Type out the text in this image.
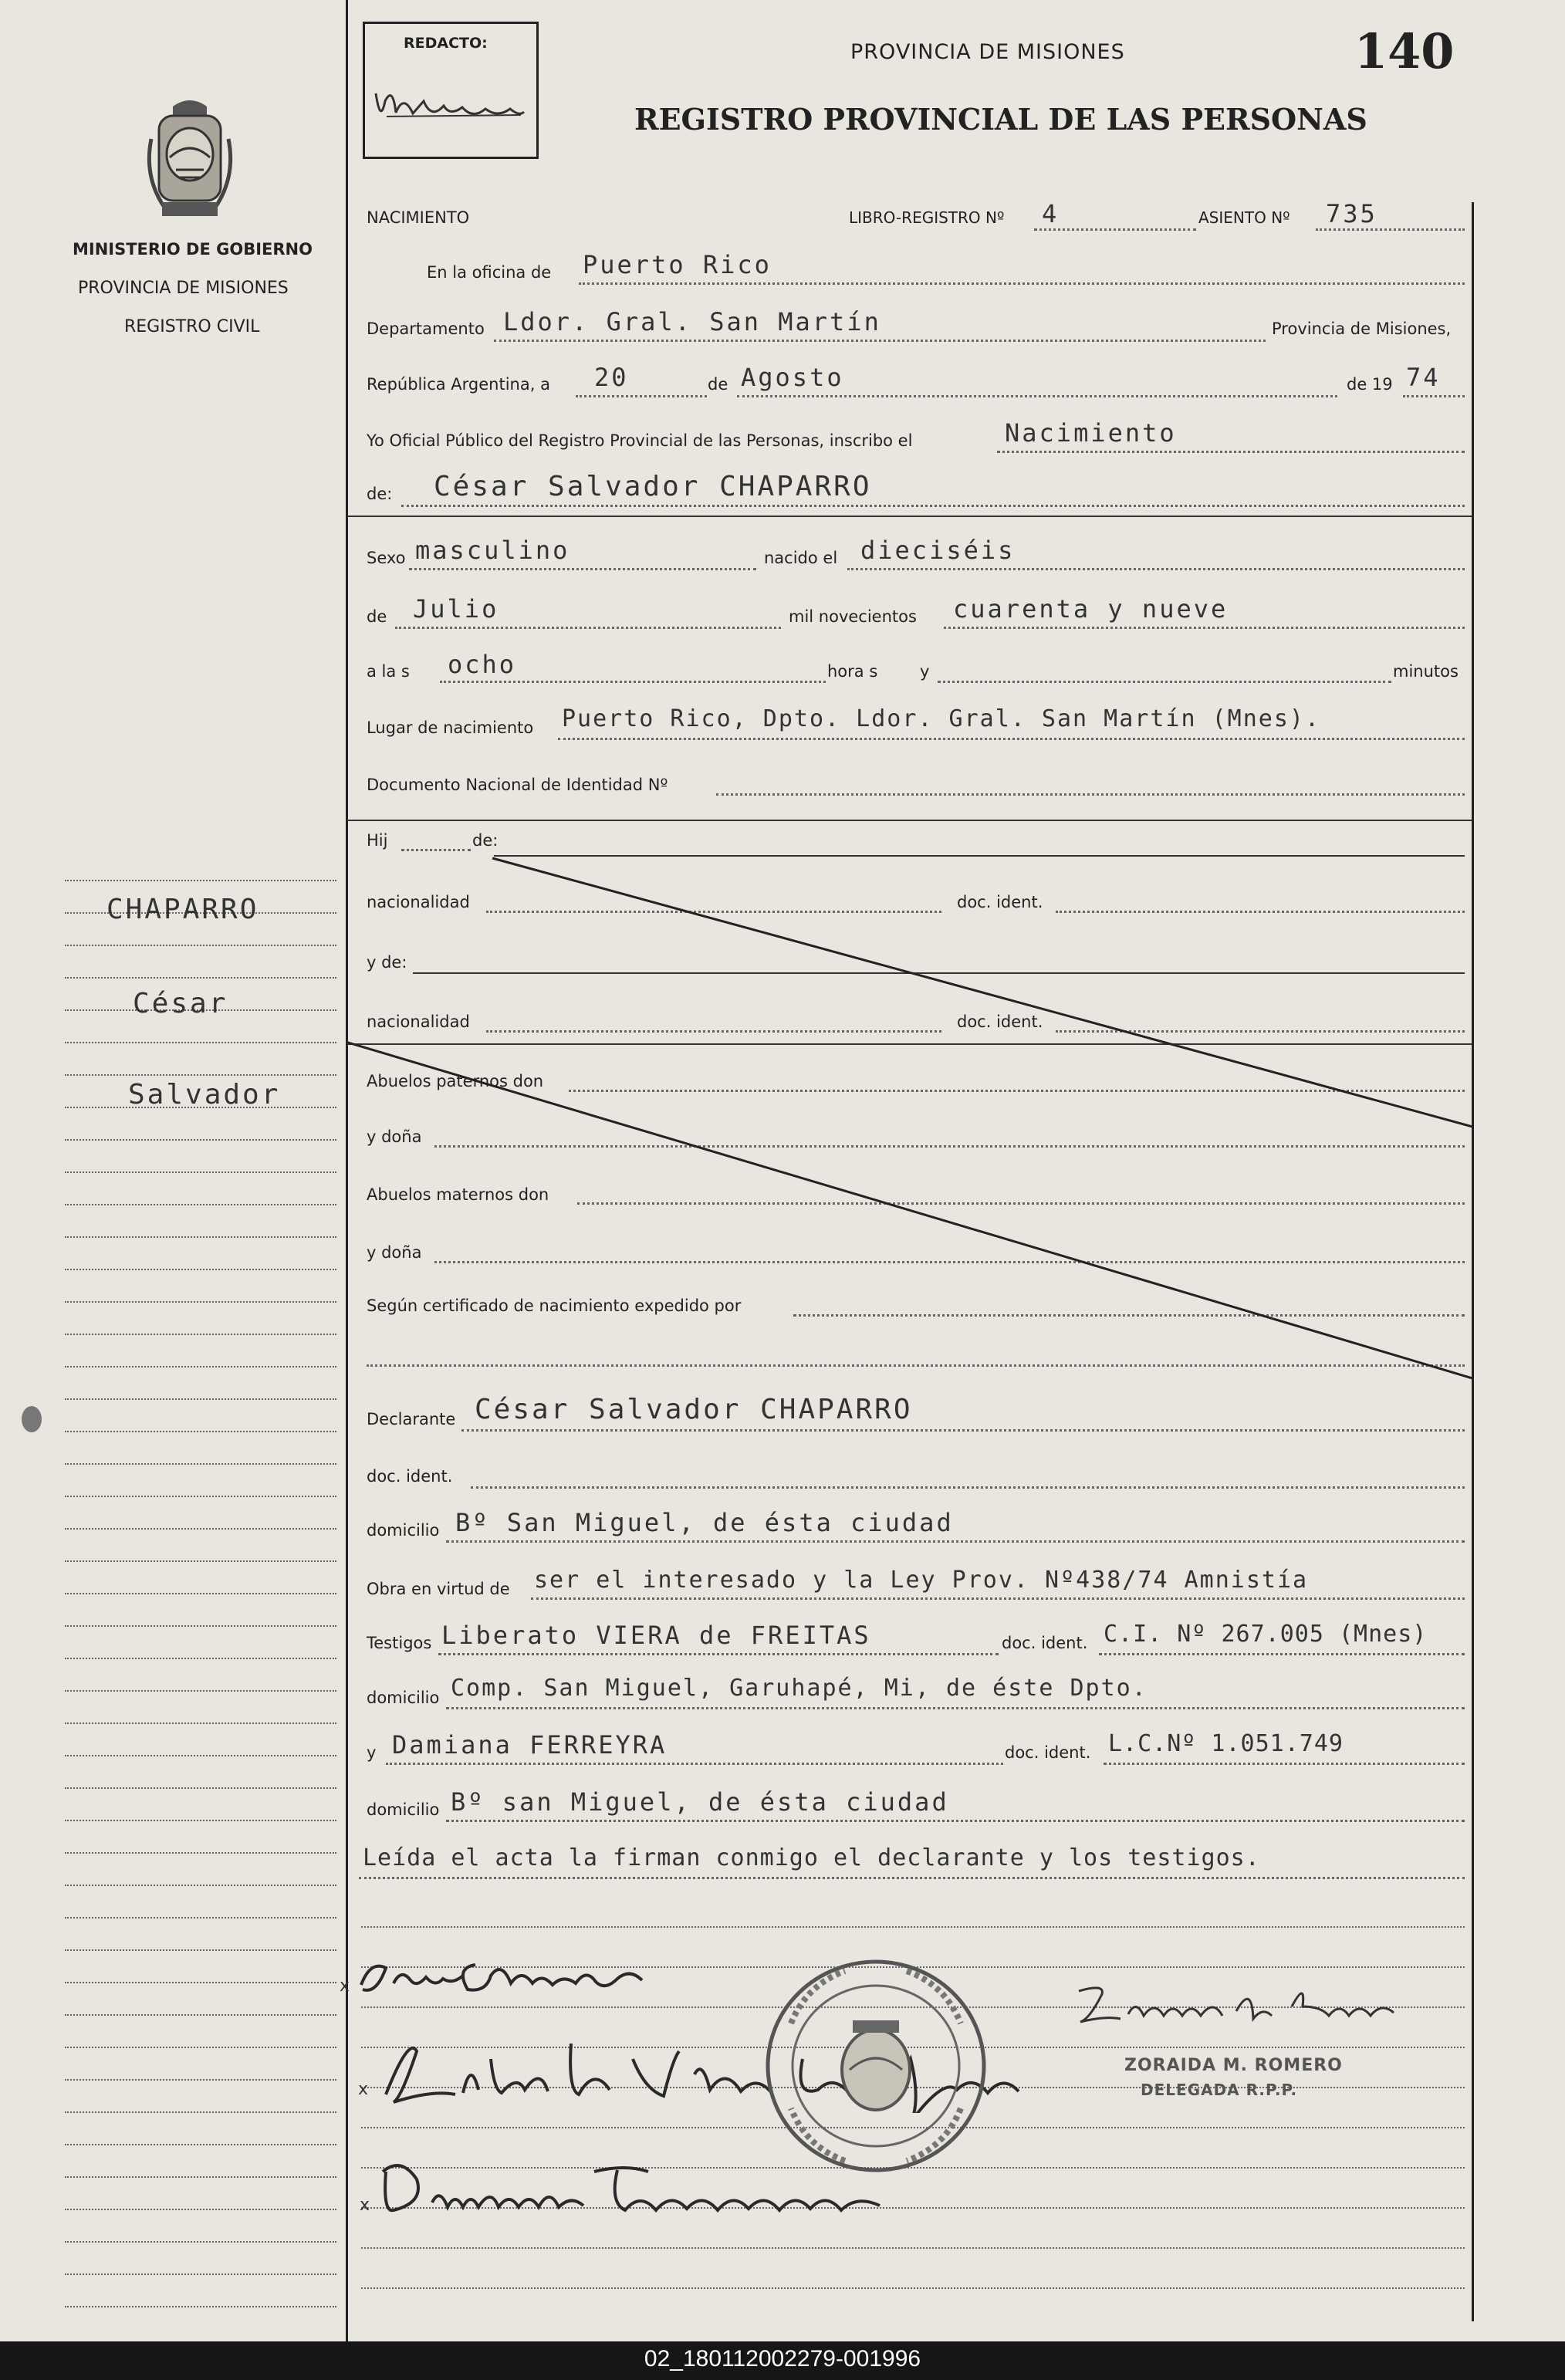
REDACTO:	PROVINCIA DE MISIONES
REGISTRO PROVINCIAL DE LAS PERSONAS
140
MINISTERIO DE GOBIERNO
PROVINCIA DE MISIONES
REGISTRO CIVIL
CHAPARRO
César
Salvador
NACIMIENTO	LIBRO-REGISTRO Nº 4	ASIENTO Nº 735
En la oficina de Puerto Rico
Departamento Ldor. Gral. San Martín	Provincia de Misiones,
República Argentina, a 20	de Agosto	de 19 74
Yo Oficial Público del Registro Provincial de las Personas, inscribo el	Nacimiento
de: César Salvador CHAPARRO
Sexo masculino	nacido el dieciséis
de Julio	mil novecientos cuarenta y nueve
a la s ocho	hora s	y	minutos
Lugar de nacimiento Puerto Rico, Dpto. Ldor. Gral. San Martín (Mnes).
Documento Nacional de Identidad Nº
Hij	de:
nacionalidad	doc. ident.
y de:
nacionalidad	doc. ident.
Abuelos paternos don
y doña
Abuelos maternos don
y doña
Según certificado de nacimiento expedido por
Declarante César Salvador CHAPARRO
doc. ident.
domicilio Bº San Miguel, de ésta ciudad
Obra en virtud de ser el interesado y la Ley Prov. Nº438/74 Amnistía
Testigos Liberato VIERA de FREITAS	doc. ident. C.I. Nº 267.005 (Mnes)
domicilio Comp. San Miguel, Garuhapé, Mi, de éste Dpto.
y Damiana FERREYRA	doc. ident. L.C.Nº 1.051.749
domicilio Bº san Miguel, de ésta ciudad
Leída el acta la firman conmigo el declarante y los testigos.
x
x
x
ZORAIDA M. ROMERO
DELEGADA R.P.P.
02_180112002279-001996
